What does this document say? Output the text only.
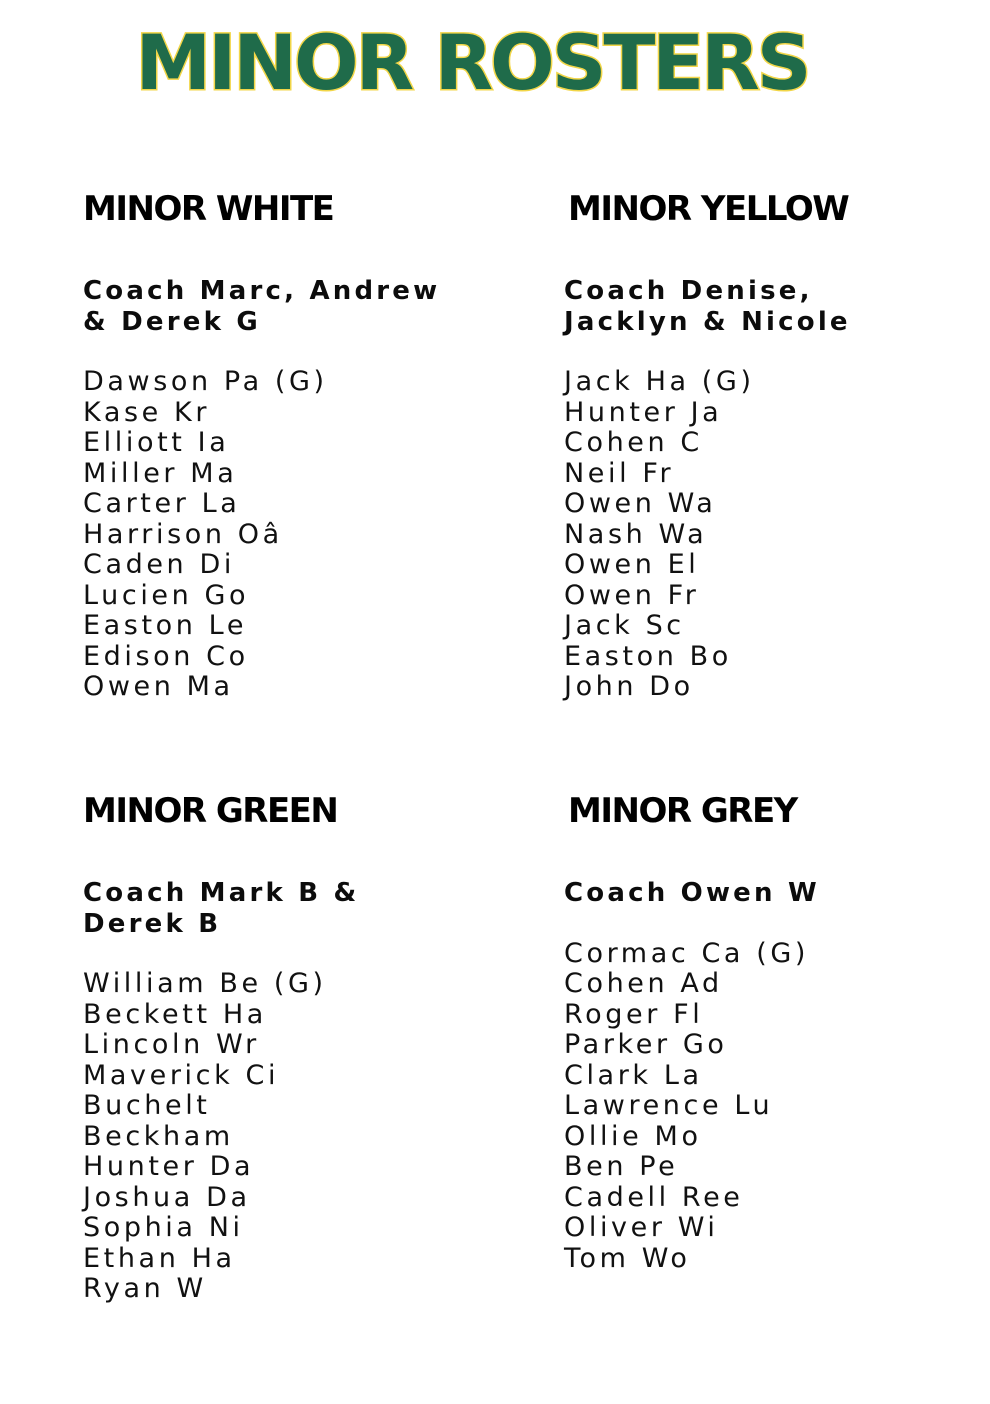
MINOR ROSTERS
MINOR WHITE
Coach Marc, Andrew
& Derek G
Dawson Pa (G)
Kase Kr
Elliott Ia
Miller Ma
Carter La
Harrison Oâ
Caden Di
Lucien Go
Easton Le
Edison Co
Owen Ma
MINOR YELLOW
Coach Denise,
Jacklyn & Nicole
Jack Ha (G)
Hunter Ja
Cohen C
Neil Fr
Owen Wa
Nash Wa
Owen El
Owen Fr
Jack Sc
Easton Bo
John Do
MINOR GREEN
Coach Mark B &
Derek B
William Be (G)
Beckett Ha
Lincoln Wr
Maverick Ci
Buchelt
Beckham
Hunter Da
Joshua Da
Sophia Ni
Ethan Ha
Ryan W
MINOR GREY
Coach Owen W
Cormac Ca (G)
Cohen Ad
Roger Fl
Parker Go
Clark La
Lawrence Lu
Ollie Mo
Ben Pe
Cadell Ree
Oliver Wi
Tom Wo
